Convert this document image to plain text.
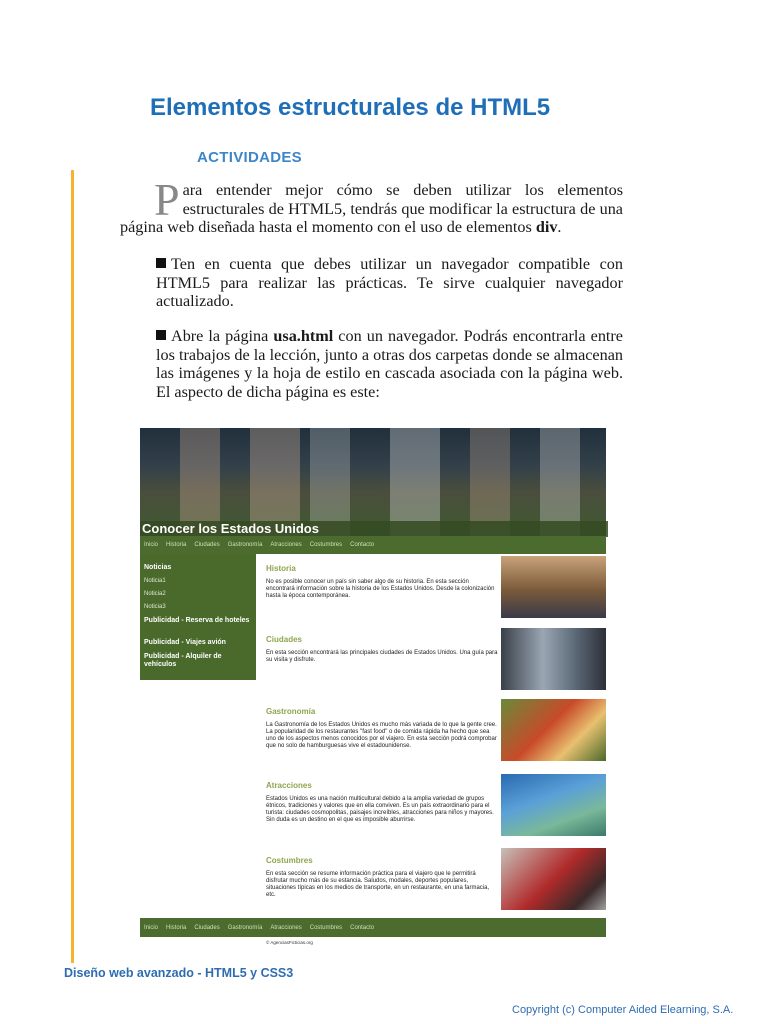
Elementos estructurales de HTML5
ACTIVIDADES
Para entender mejor cómo se deben utilizar los elementos estructurales de HTML5, tendrás que modificar la estructura de una página web diseñada hasta el momento con el uso de elementos div.
Ten en cuenta que debes utilizar un navegador compatible con HTML5 para realizar las prácticas. Te sirve cualquier navegador actualizado.
Abre la página usa.html con un navegador. Podrás encontrarla entre los trabajos de la lección, junto a otras dos carpetas donde se almacenan las imágenes y la hoja de estilo en cascada asociada con la página web. El aspecto de dicha página es este:
Conocer los Estados Unidos
Inicio Historia Ciudades Gastronomía Atracciones Costumbres Contacto
Noticias
Noticia1
Noticia2
Noticia3
Publicidad - Reserva de hoteles
Publicidad - Viajes avión
Publicidad - Alquiler de vehículos
Historia
No es posible conocer un país sin saber algo de su historia. En esta sección encontrará información sobre la historia de los Estados Unidos. Desde la colonización hasta la época contemporánea.
Ciudades
En esta sección encontrará las principales ciudades de Estados Unidos. Una guía para su visita y disfrute.
Gastronomía
La Gastronomía de los Estados Unidos es mucho más variada de lo que la gente cree. La popularidad de los restaurantes "fast food" o de comida rápida ha hecho que sea uno de los aspectos menos conocidos por el viajero. En esta sección podrá comprobar que no solo de hamburguesas vive el estadounidense.
Atracciones
Estados Unidos es una nación multicultural debido a la amplia variedad de grupos étnicos, tradiciones y valores que en ella conviven. Es un país extraordinario para el turista: ciudades cosmopolitas, paisajes increíbles, atracciones para niños y mayores. Sin duda es un destino en el que es imposible aburrirse.
Costumbres
En esta sección se resume información práctica para el viajero que le permitirá disfrutar mucho más de su estancia. Saludos, modales, deportes populares, situaciones típicas en los medios de transporte, en un restaurante, en una farmacia, etc.
Inicio Historia Ciudades Gastronomía Atracciones Costumbres Contacto
© AgenciasFicticias.org
Diseño web avanzado - HTML5 y CSS3
Copyright (c) Computer Aided Elearning, S.A.
